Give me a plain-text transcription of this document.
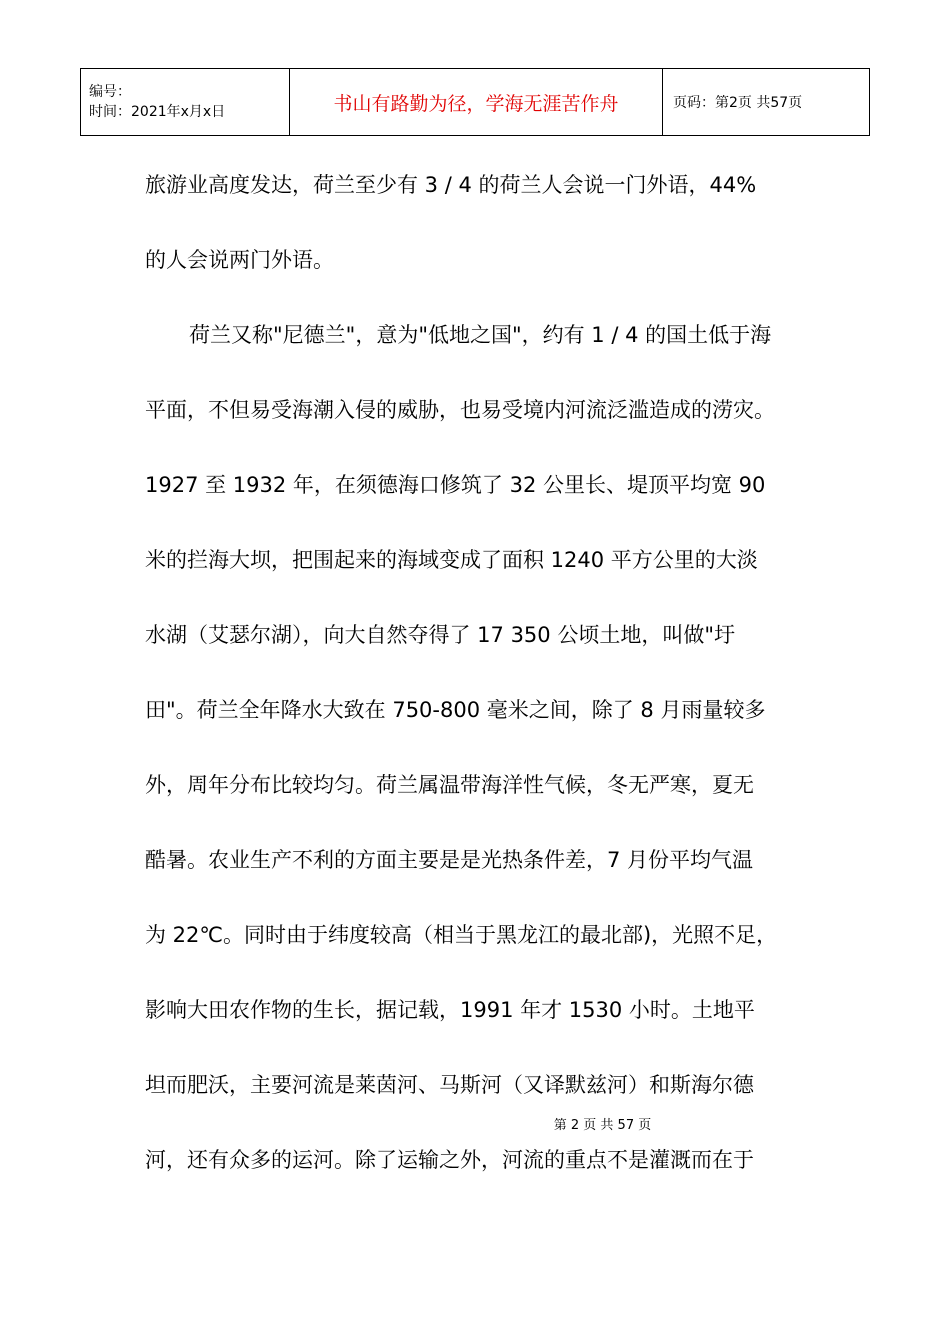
编号：
时间：2021年x月x日	书山有路勤为径，学海无涯苦作舟	页码：第2页 共57页
旅游业高度发达，荷兰至少有 3 / 4 的荷兰人会说一门外语，44%
的人会说两门外语。
荷兰又称"尼德兰"，意为"低地之国"，约有 1 / 4 的国土低于海
平面，不但易受海潮入侵的威胁，也易受境内河流泛滥造成的涝灾。
1927 至 1932 年，在须德海口修筑了 32 公里长、堤顶平均宽 90
米的拦海大坝，把围起来的海域变成了面积 1240 平方公里的大淡
水湖（艾瑟尔湖），向大自然夺得了 17 350 公顷土地，叫做"圩
田"。荷兰全年降水大致在 750-800 毫米之间，除了 8 月雨量较多
外，周年分布比较均匀。荷兰属温带海洋性气候，冬无严寒，夏无
酷暑。农业生产不利的方面主要是是光热条件差，7 月份平均气温
为 22℃。同时由于纬度较高（相当于黑龙江的最北部)，光照不足，
影响大田农作物的生长，据记载，1991 年才 1530 小时。土地平
坦而肥沃，主要河流是莱茵河、马斯河（又译默兹河）和斯海尔德
河，还有众多的运河。除了运输之外，河流的重点不是灌溉而在于
第 2 页 共 57 页
